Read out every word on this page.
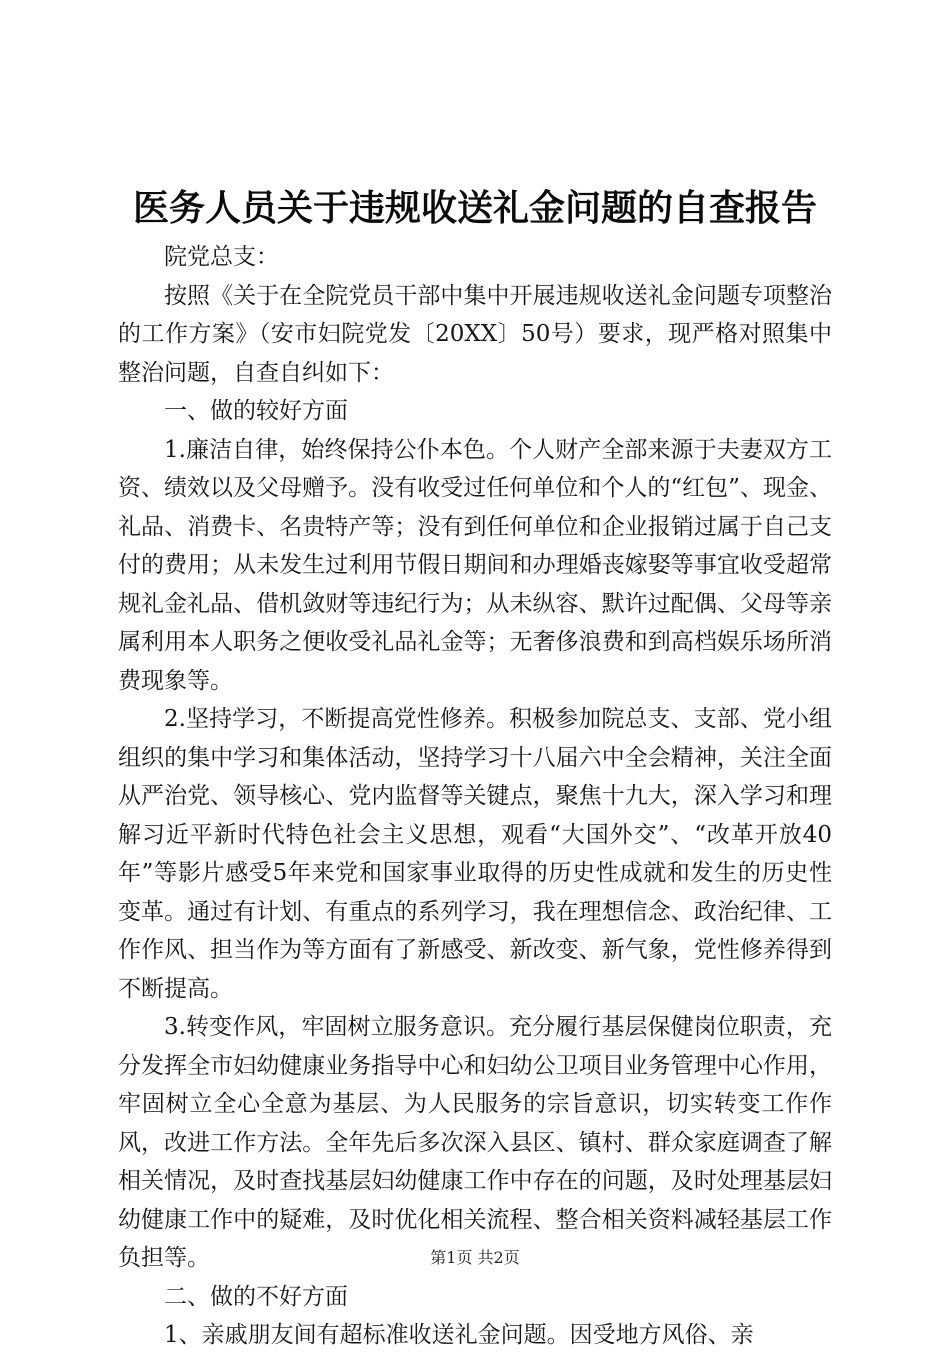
医务人员关于违规收送礼金问题的自查报告

院党总支：

按照《关于在全院党员干部中集中开展违规收送礼金问题专项整治的工作方案》（安市妇院党发〔20XX〕50号）要求，现严格对照集中整治问题，自查自纠如下：

一、做的较好方面

1.廉洁自律，始终保持公仆本色。个人财产全部来源于夫妻双方工资、绩效以及父母赠予。没有收受过任何单位和个人的“红包”、现金、礼品、消费卡、名贵特产等；没有到任何单位和企业报销过属于自己支付的费用；从未发生过利用节假日期间和办理婚丧嫁娶等事宜收受超常规礼金礼品、借机敛财等违纪行为；从未纵容、默许过配偶、父母等亲属利用本人职务之便收受礼品礼金等；无奢侈浪费和到高档娱乐场所消费现象等。

2.坚持学习，不断提高党性修养。积极参加院总支、支部、党小组组织的集中学习和集体活动，坚持学习十八届六中全会精神，关注全面从严治党、领导核心、党内监督等关键点，聚焦十九大，深入学习和理解习近平新时代特色社会主义思想，观看“大国外交”、“改革开放40年”等影片感受5年来党和国家事业取得的历史性成就和发生的历史性变革。通过有计划、有重点的系列学习，我在理想信念、政治纪律、工作作风、担当作为等方面有了新感受、新改变、新气象，党性修养得到不断提高。

3.转变作风，牢固树立服务意识。充分履行基层保健岗位职责，充分发挥全市妇幼健康业务指导中心和妇幼公卫项目业务管理中心作用，牢固树立全心全意为基层、为人民服务的宗旨意识，切实转变工作作风，改进工作方法。全年先后多次深入县区、镇村、群众家庭调查了解相关情况，及时查找基层妇幼健康工作中存在的问题，及时处理基层妇幼健康工作中的疑难，及时优化相关流程、整合相关资料减轻基层工作负担等。

二、做的不好方面

1、亲戚朋友间有超标准收送礼金问题。因受地方风俗、亲

第1页 共2页
